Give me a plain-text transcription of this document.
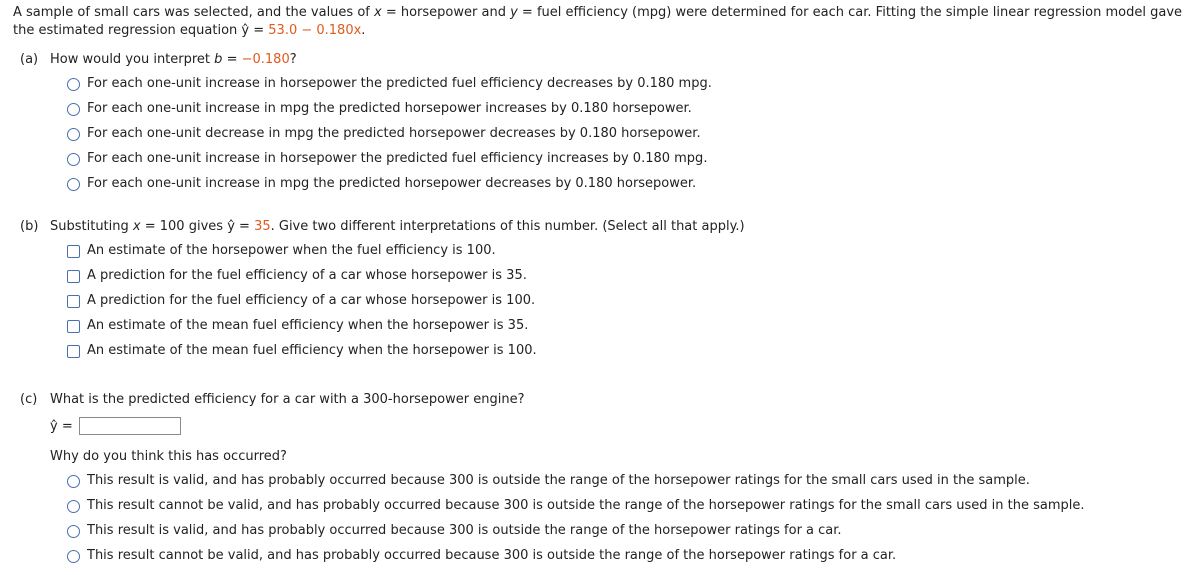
A sample of small cars was selected, and the values of x = horsepower and y = fuel efficiency (mpg) were determined for each car. Fitting the simple linear regression model gave the estimated regression equation ŷ = 53.0 − 0.180x.
(a) How would you interpret b = −0.180?
For each one-unit increase in horsepower the predicted fuel efficiency decreases by 0.180 mpg.
For each one-unit increase in mpg the predicted horsepower increases by 0.180 horsepower.
For each one-unit decrease in mpg the predicted horsepower decreases by 0.180 horsepower.
For each one-unit increase in horsepower the predicted fuel efficiency increases by 0.180 mpg.
For each one-unit increase in mpg the predicted horsepower decreases by 0.180 horsepower.
(b) Substituting x = 100 gives ŷ = 35. Give two different interpretations of this number. (Select all that apply.)
An estimate of the horsepower when the fuel efficiency is 100.
A prediction for the fuel efficiency of a car whose horsepower is 35.
A prediction for the fuel efficiency of a car whose horsepower is 100.
An estimate of the mean fuel efficiency when the horsepower is 35.
An estimate of the mean fuel efficiency when the horsepower is 100.
(c) What is the predicted efficiency for a car with a 300-horsepower engine?
ŷ =
Why do you think this has occurred?
This result is valid, and has probably occurred because 300 is outside the range of the horsepower ratings for the small cars used in the sample.
This result cannot be valid, and has probably occurred because 300 is outside the range of the horsepower ratings for the small cars used in the sample.
This result is valid, and has probably occurred because 300 is outside the range of the horsepower ratings for a car.
This result cannot be valid, and has probably occurred because 300 is outside the range of the horsepower ratings for a car.
